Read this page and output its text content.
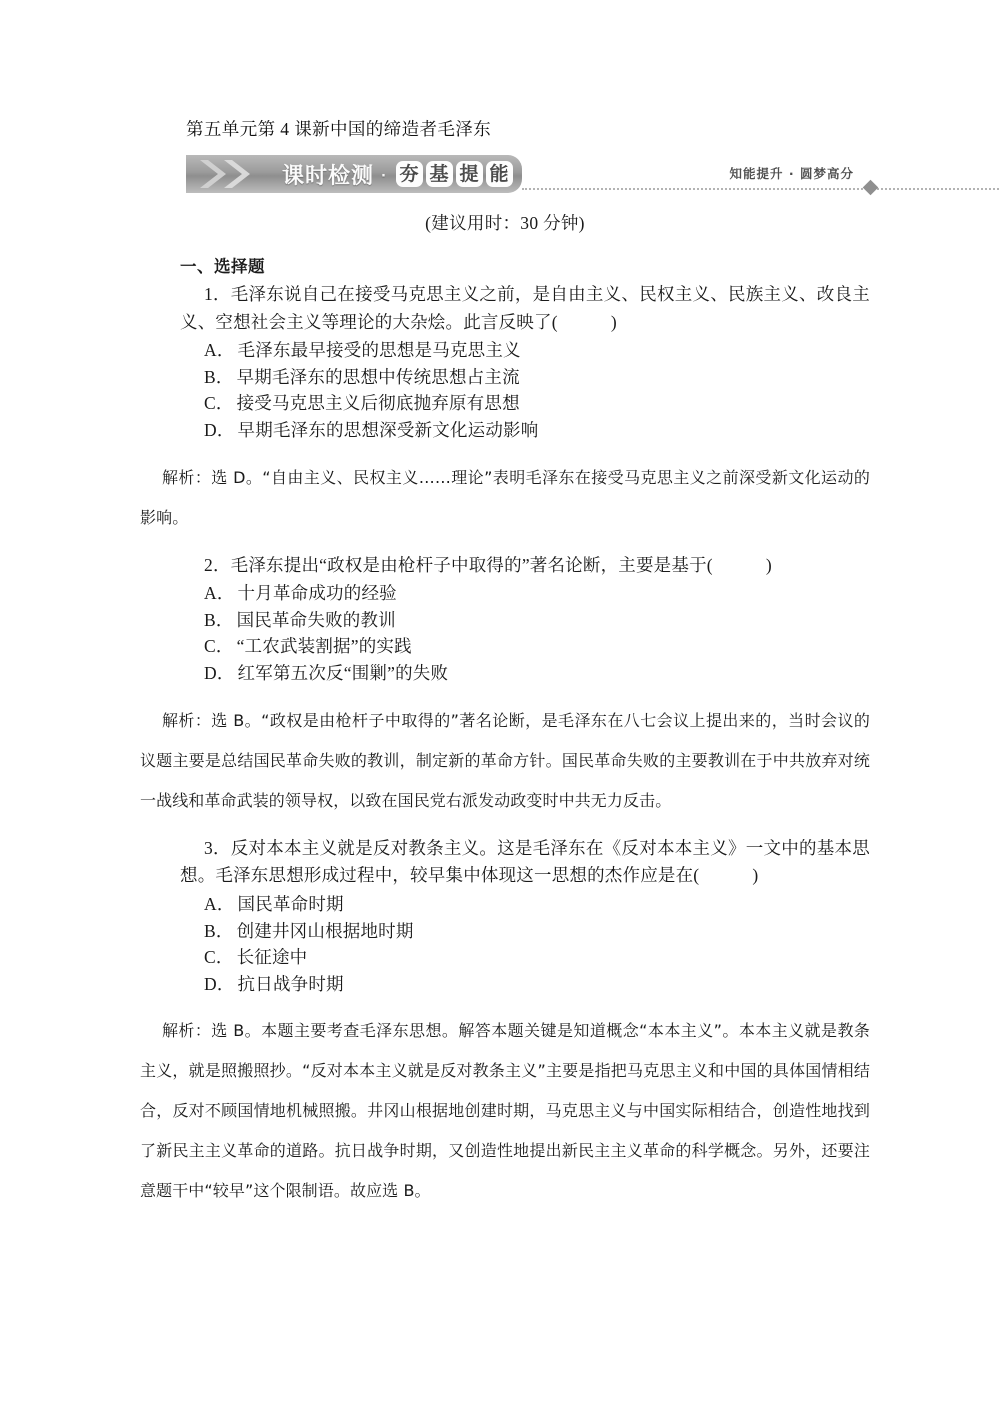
第五单元第 4 课新中国的缔造者毛泽东
课时检测 · 夯 基 提 能	知能提升 · 圆梦高分
(建议用时：30 分钟)
一、选择题

1．毛泽东说自己在接受马克思主义之前，是自由主义、民权主义、民族主义、改良主义、空想社会主义等理论的大杂烩。此言反映了(　　　)

A． 毛泽东最早接受的思想是马克思主义

B． 早期毛泽东的思想中传统思想占主流

C． 接受马克思主义后彻底抛弃原有思想

D． 早期毛泽东的思想深受新文化运动影响

解析：选 D。“自由主义、民权主义……理论”表明毛泽东在接受马克思主义之前深受新文化运动的影响。

2．毛泽东提出“政权是由枪杆子中取得的”著名论断，主要是基于(　　　)

A． 十月革命成功的经验

B． 国民革命失败的教训

C． “工农武装割据”的实践

D． 红军第五次反“围剿”的失败

解析：选 B。“政权是由枪杆子中取得的”著名论断，是毛泽东在八七会议上提出来的，当时会议的议题主要是总结国民革命失败的教训，制定新的革命方针。国民革命失败的主要教训在于中共放弃对统一战线和革命武装的领导权，以致在国民党右派发动政变时中共无力反击。

3．反对本本主义就是反对教条主义。这是毛泽东在《反对本本主义》一文中的基本思想。毛泽东思想形成过程中，较早集中体现这一思想的杰作应是在(　　　)

A． 国民革命时期

B． 创建井冈山根据地时期

C． 长征途中

D． 抗日战争时期

解析：选 B。本题主要考查毛泽东思想。解答本题关键是知道概念“本本主义”。本本主义就是教条主义，就是照搬照抄。“反对本本主义就是反对教条主义”主要是指把马克思主义和中国的具体国情相结合，反对不顾国情地机械照搬。井冈山根据地创建时期，马克思主义与中国实际相结合，创造性地找到了新民主主义革命的道路。抗日战争时期，又创造性地提出新民主主义革命的科学概念。另外，还要注意题干中“较早”这个限制语。故应选 B。
